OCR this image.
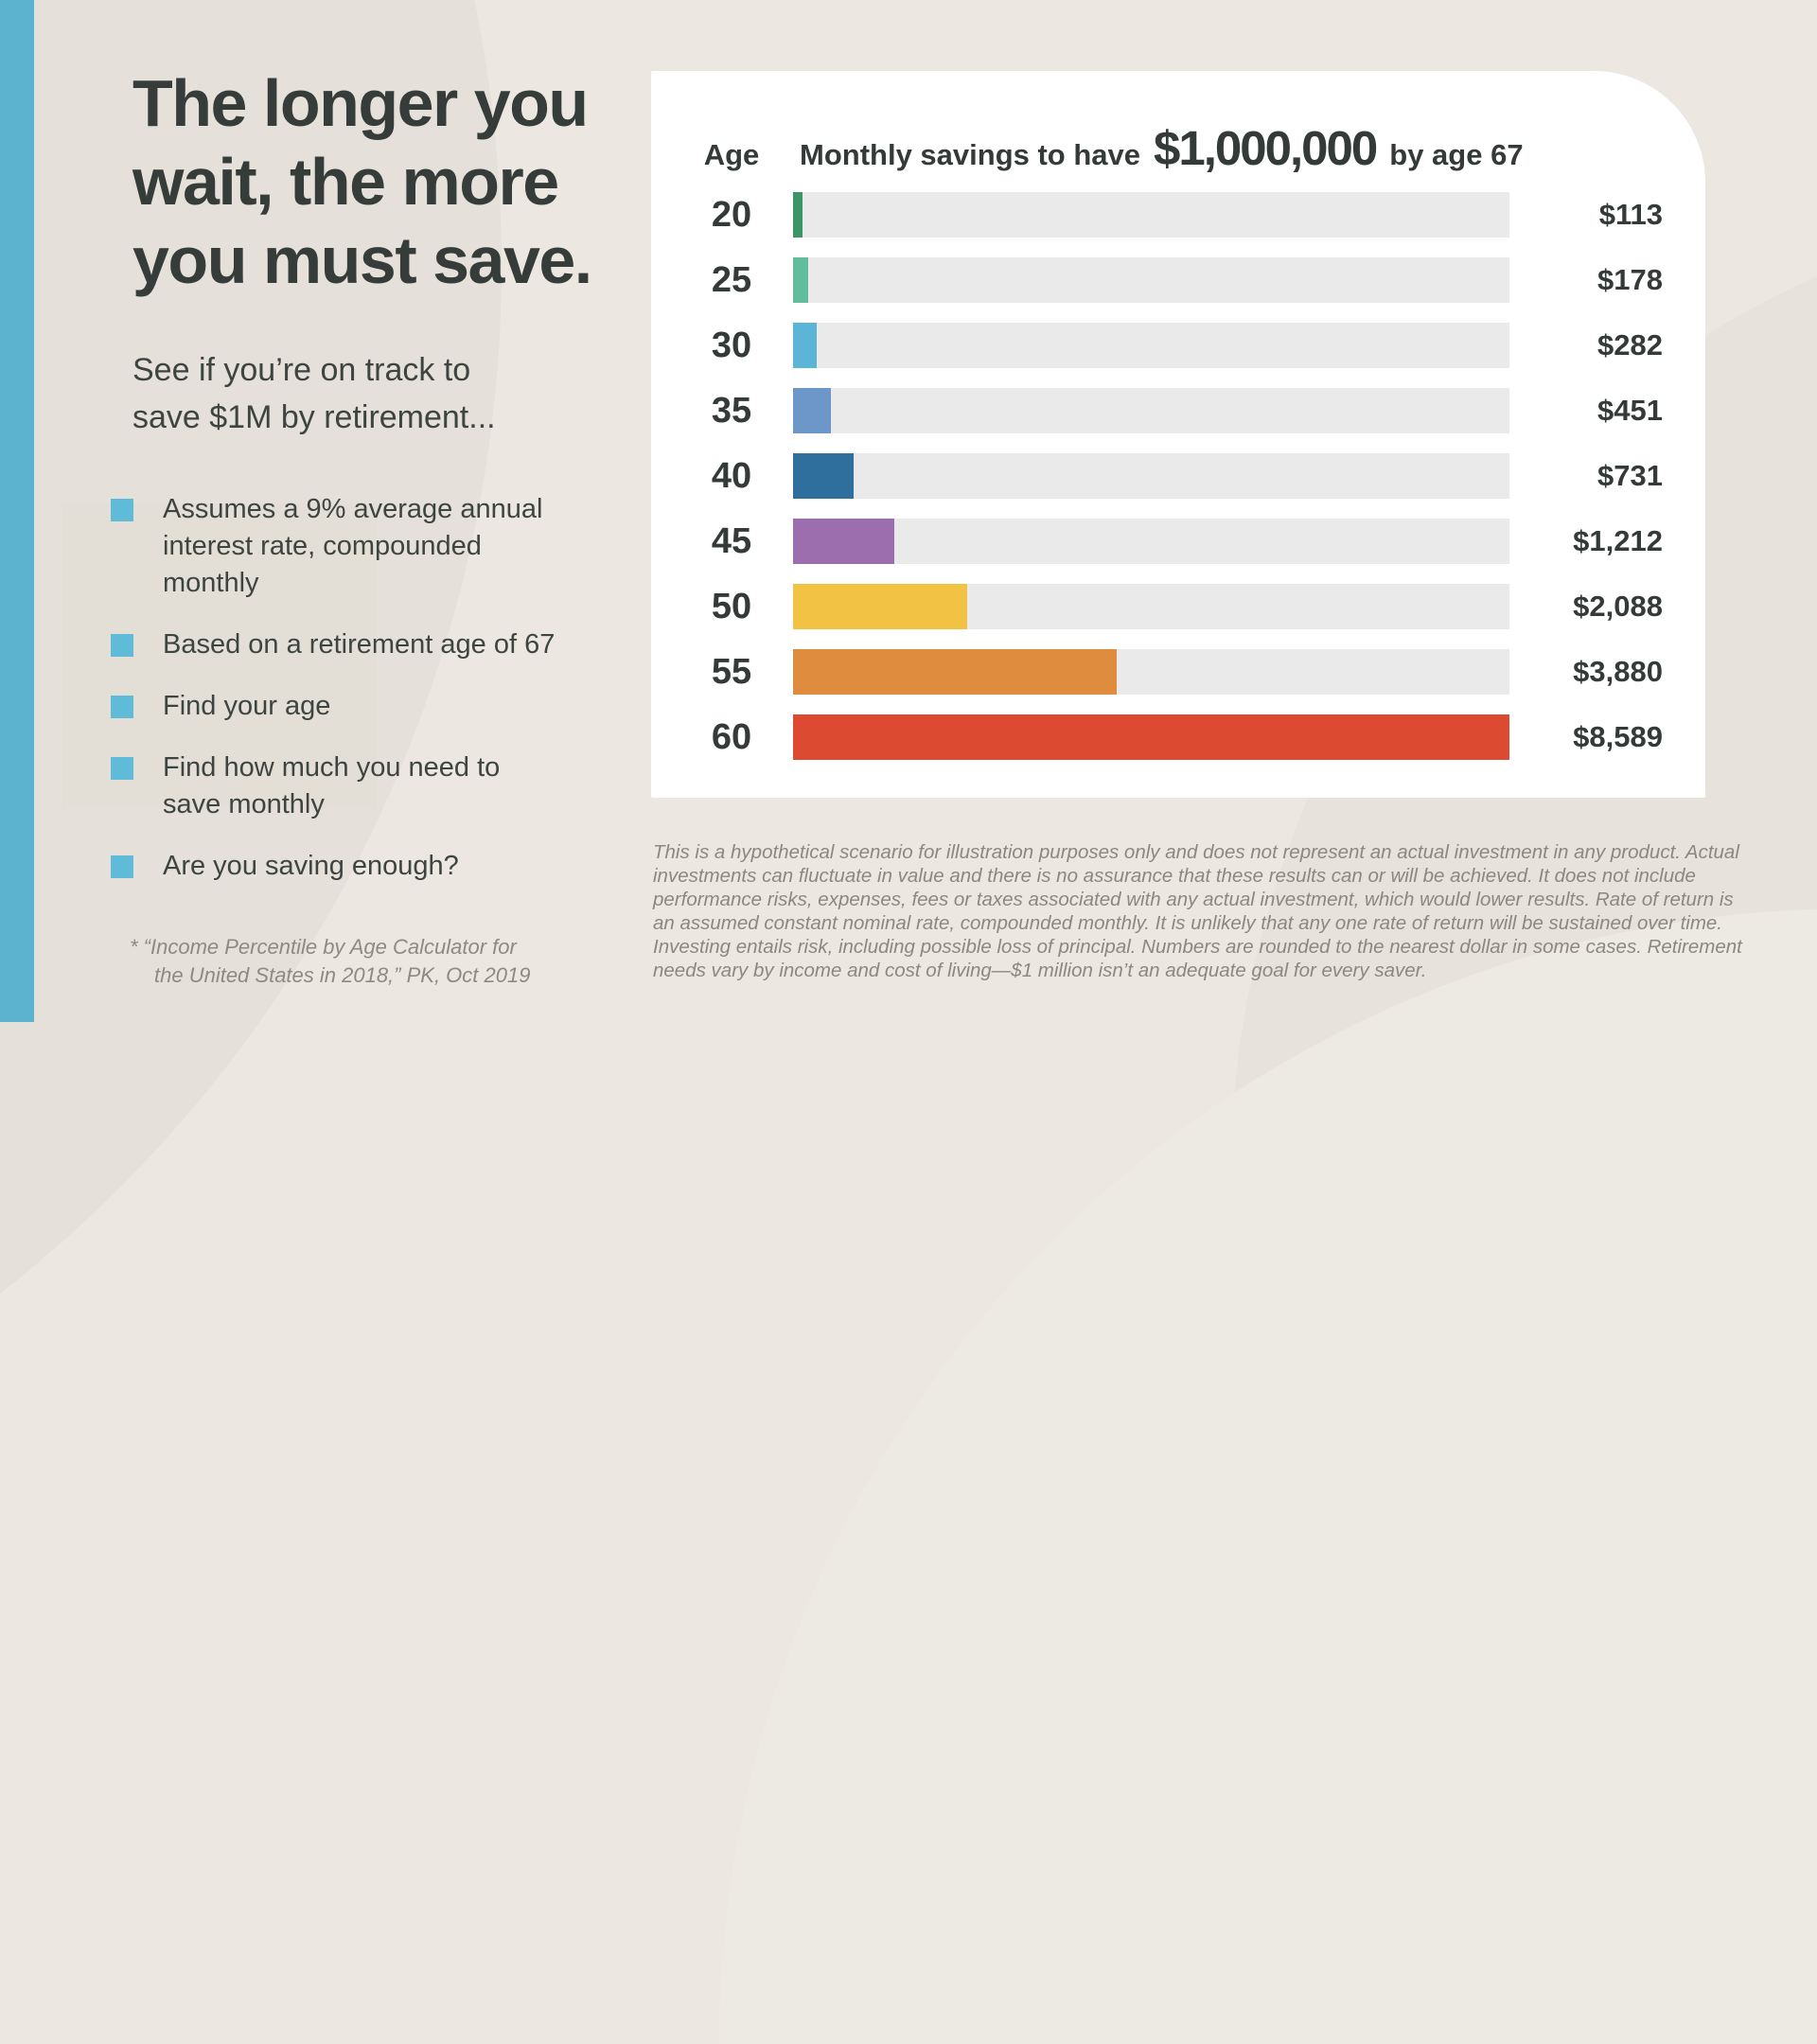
The longer you
wait, the more
you must save.

See if you’re on track to
save $1M by retirement...

Assumes a 9% average annual
interest rate, compounded monthly
Based on a retirement age of 67
Find your age
Find how much you need to
save monthly
Are you saving enough?

* “Income Percentile by Age Calculator for
the United States in 2018,” PK, Oct 2019

Age	Monthly savings to have $1,000,000 by age 67
20	$113
25	$178
30	$282
35	$451
40	$731
45	$1,212
50	$2,088
55	$3,880
60	$8,589

This is a hypothetical scenario for illustration purposes only and does not represent an actual investment in any product. Actual investments can fluctuate in value and there is no assurance that these results can or will be achieved. It does not include performance risks, expenses, fees or taxes associated with any actual investment, which would lower results. Rate of return is an assumed constant nominal rate, compounded monthly. It is unlikely that any one rate of return will be sustained over time. Investing entails risk, including possible loss of principal. Numbers are rounded to the nearest dollar in some cases. Retirement needs vary by income and cost of living—$1 million isn’t an adequate goal for every saver.
